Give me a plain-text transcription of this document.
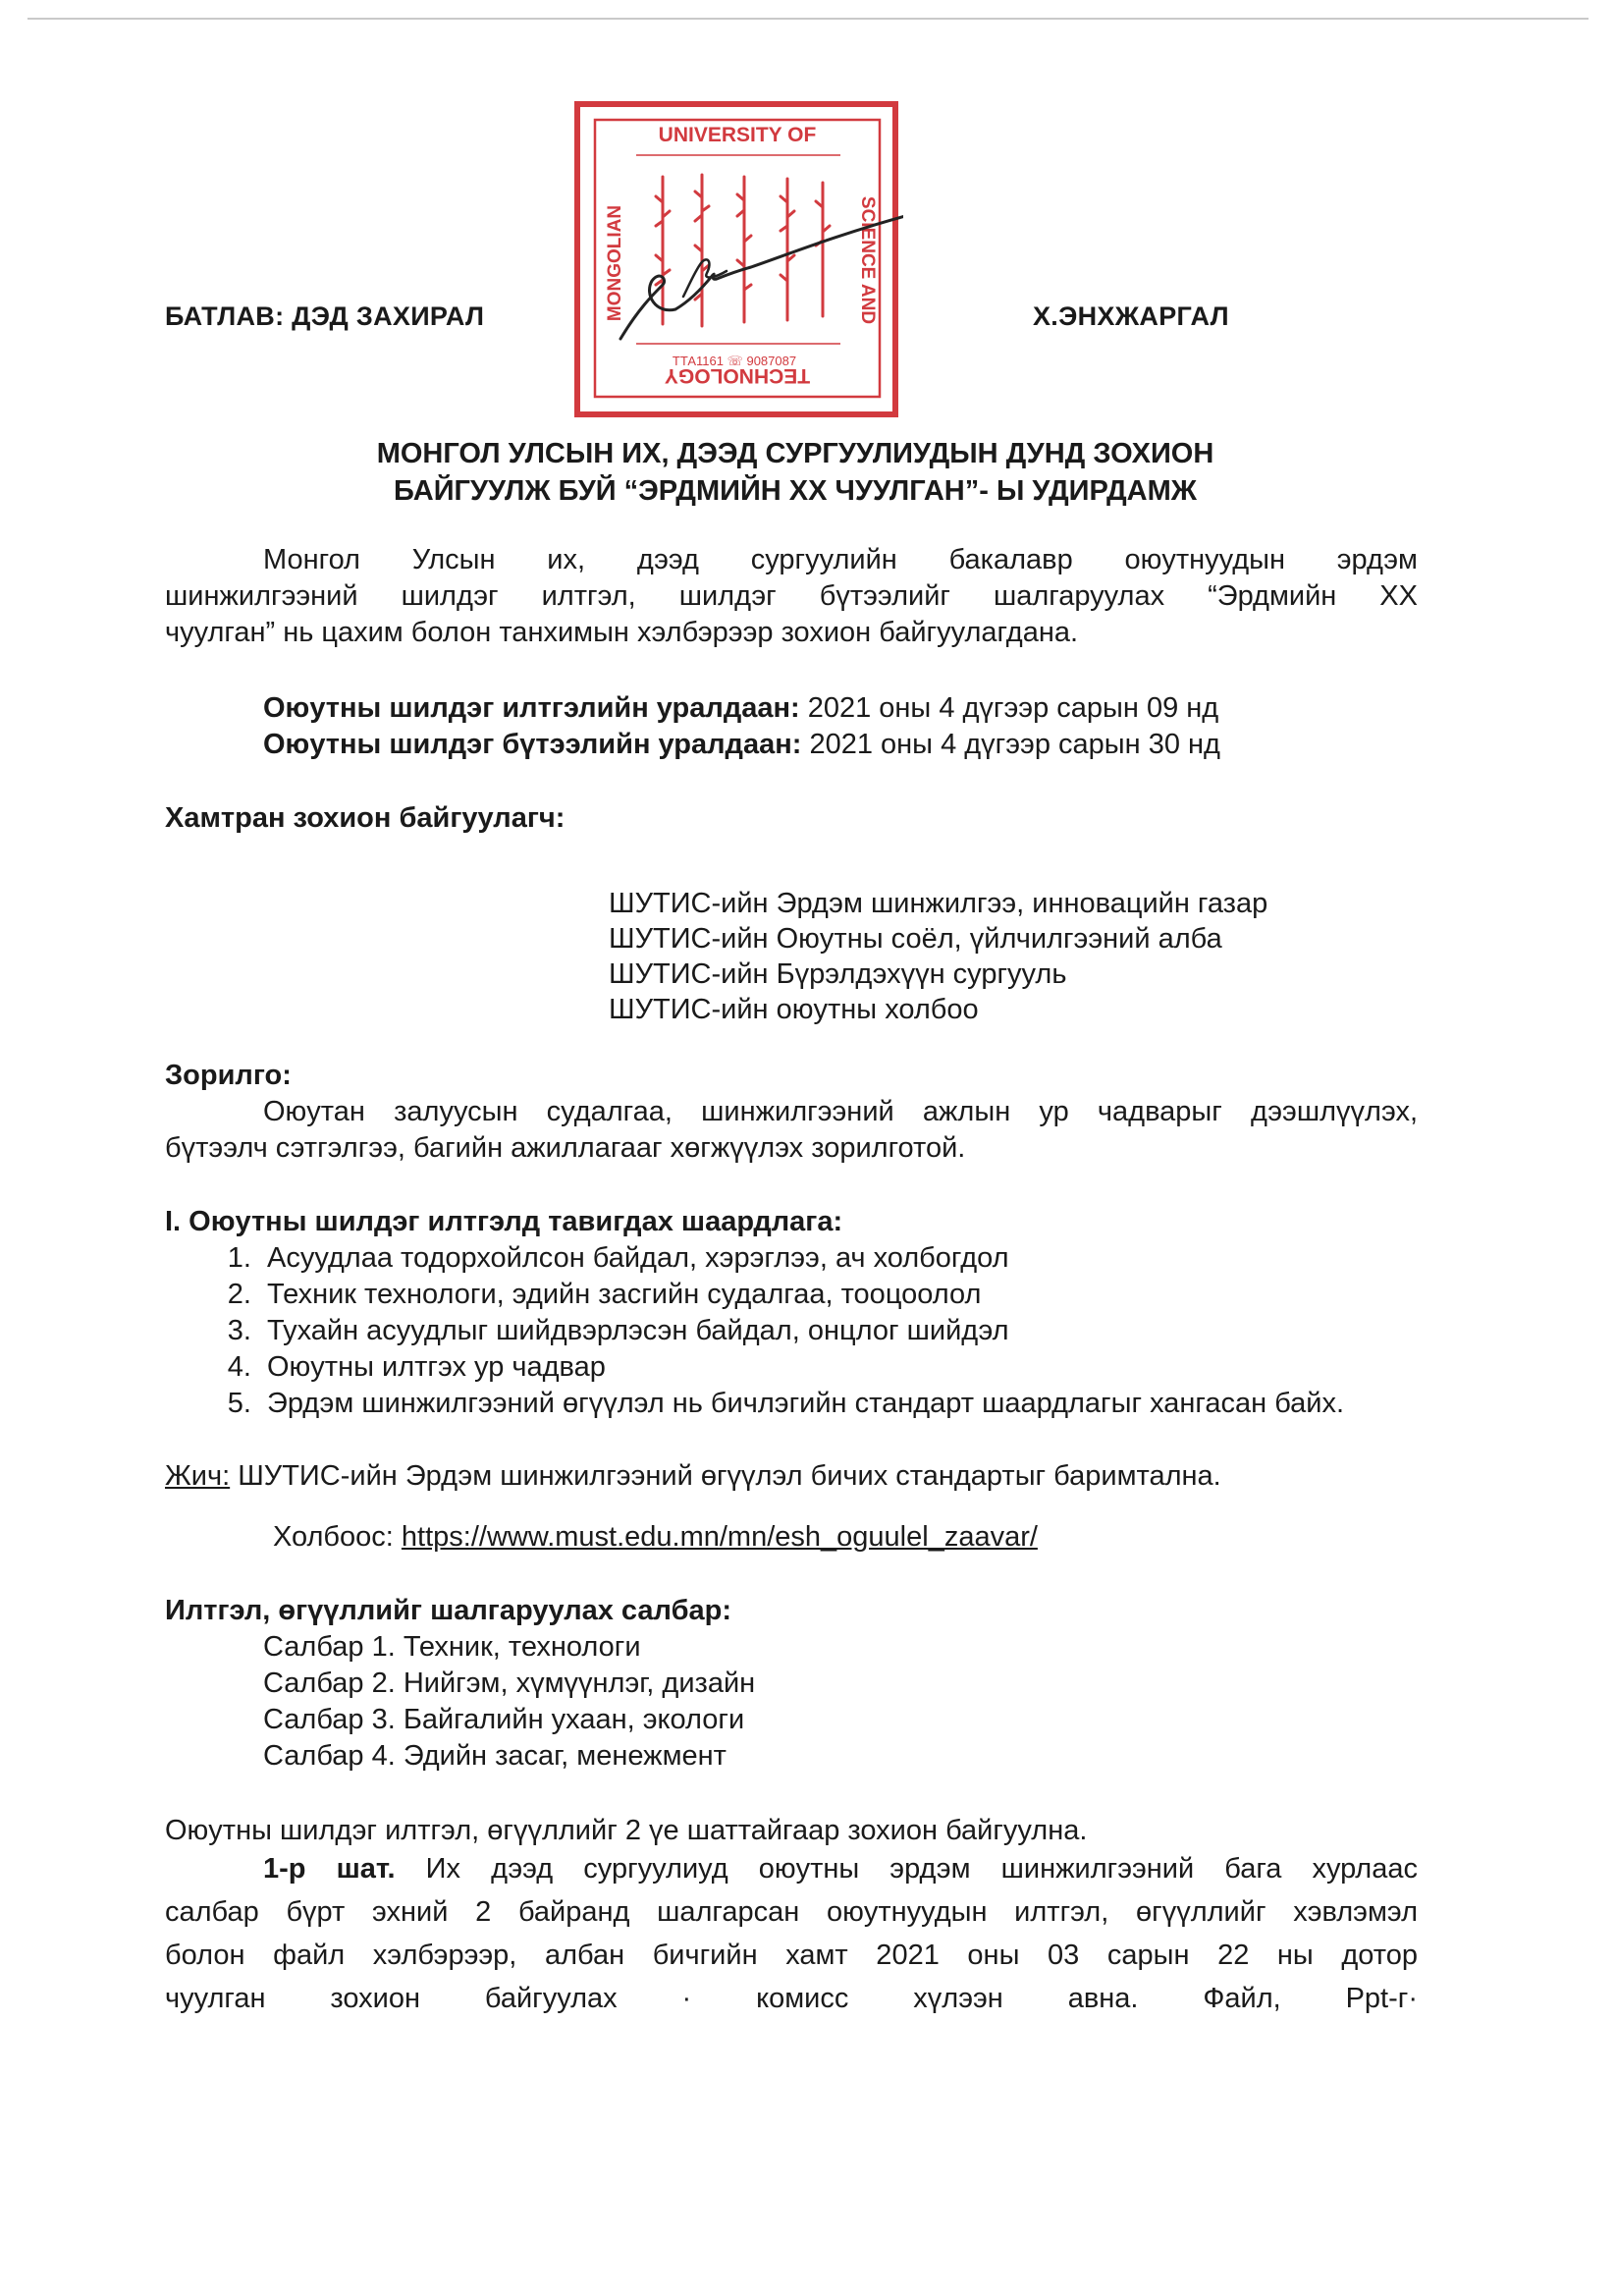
БАТЛАВ: ДЭД ЗАХИРАЛ	Х.ЭНХЖАРГАЛ
UNIVERSITY OF
TECHNOLOGY
MONGOLIAN	SCIENCE AND
ТТА1161 ☏ 9087087
МОНГОЛ УЛСЫН ИХ, ДЭЭД СУРГУУЛИУДЫН ДУНД ЗОХИОН
БАЙГУУЛЖ БУЙ “ЭРДМИЙН ХХ ЧУУЛГАН”- Ы УДИРДАМЖ
Монгол Улсын их, дээд сургуулийн бакалавр оюутнуудын эрдэм
шинжилгээний шилдэг илтгэл, шилдэг бүтээлийг шалгаруулах “Эрдмийн ХХ
чуулган” нь цахим болон танхимын хэлбэрээр зохион байгуулагдана.
Оюутны шилдэг илтгэлийн уралдаан: 2021 оны 4 дүгээр сарын 09 нд
Оюутны шилдэг бүтээлийн уралдаан: 2021 оны 4 дүгээр сарын 30 нд
Хамтран зохион байгуулагч:
ШУТИС-ийн Эрдэм шинжилгээ, инновацийн газар
ШУТИС-ийн Оюутны соёл, үйлчилгээний алба
ШУТИС-ийн Бүрэлдэхүүн сургууль
ШУТИС-ийн оюутны холбоо
Зорилго:
Оюутан залуусын судалгаа, шинжилгээний ажлын ур чадварыг дээшлүүлэх,
бүтээлч сэтгэлгээ, багийн ажиллагааг хөгжүүлэх зорилготой.
I. Оюутны шилдэг илтгэлд тавигдах шаардлага:
1. Асуудлаа тодорхойлсон байдал, хэрэглээ, ач холбогдол
2. Техник технологи, эдийн засгийн судалгаа, тооцоолол
3. Тухайн асуудлыг шийдвэрлэсэн байдал, онцлог шийдэл
4. Оюутны илтгэх ур чадвар
5. Эрдэм шинжилгээний өгүүлэл нь бичлэгийн стандарт шаардлагыг хангасан байх.
Жич: ШУТИС-ийн Эрдэм шинжилгээний өгүүлэл бичих стандартыг баримтална.
Холбоос: https://www.must.edu.mn/mn/esh_oguulel_zaavar/
Илтгэл, өгүүллийг шалгаруулах салбар:
Салбар 1. Техник, технологи
Салбар 2. Нийгэм, хүмүүнлэг, дизайн
Салбар 3. Байгалийн ухаан, экологи
Салбар 4. Эдийн засаг, менежмент
Оюутны шилдэг илтгэл, өгүүллийг 2 үе шаттайгаар зохион байгуулна.
1-р шат. Их дээд сургуулиуд оюутны эрдэм шинжилгээний бага хурлаас
салбар бүрт эхний 2 байранд шалгарсан оюутнуудын илтгэл, өгүүллийг хэвлэмэл
болон файл хэлбэрээр, албан бичгийн хамт 2021 оны 03 сарын 22 ны дотор
чуулган зохион байгуулах · комисс хүлээн авна. Файл, Ppt-г·
